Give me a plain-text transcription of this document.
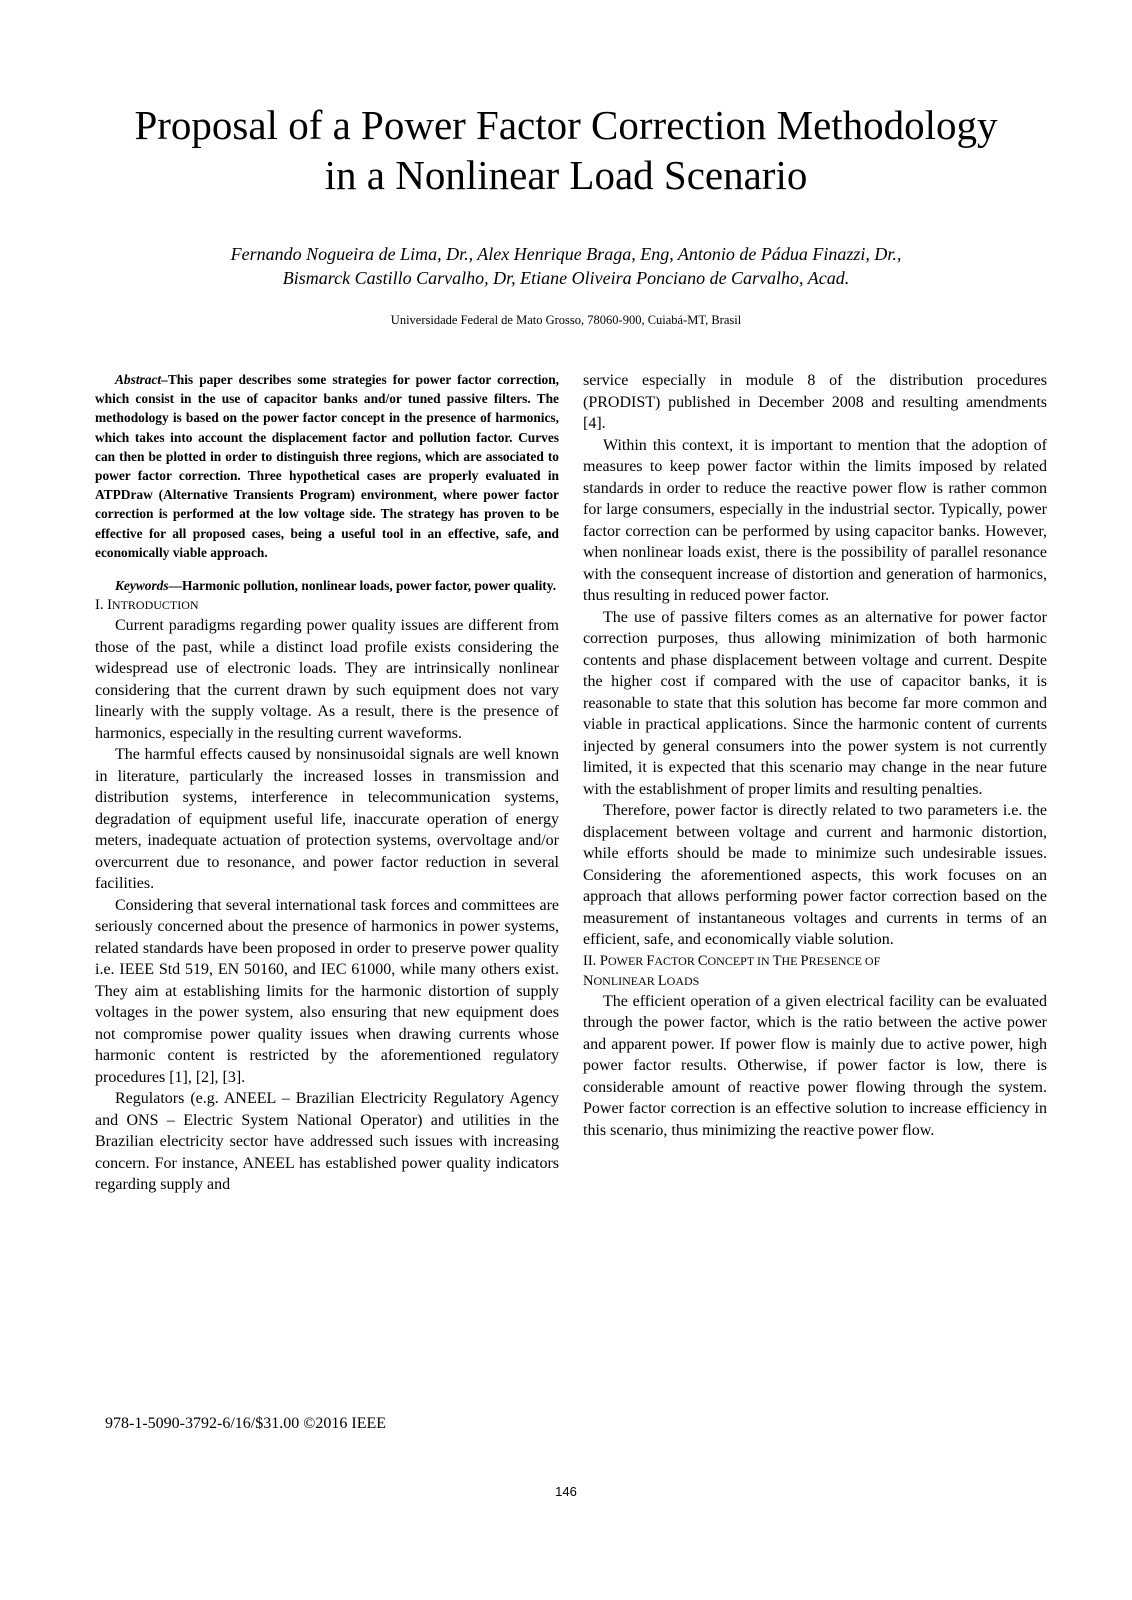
Proposal of a Power Factor Correction Methodology
in a Nonlinear Load Scenario

Fernando Nogueira de Lima, Dr., Alex Henrique Braga, Eng, Antonio de Pádua Finazzi, Dr.,
Bismarck Castillo Carvalho, Dr, Etiane Oliveira Ponciano de Carvalho, Acad.

Universidade Federal de Mato Grosso, 78060-900, Cuiabá-MT, Brasil

Abstract–This paper describes some strategies for power factor correction, which consist in the use of capacitor banks and/or tuned passive filters. The methodology is based on the power factor concept in the presence of harmonics, which takes into account the displacement factor and pollution factor. Curves can then be plotted in order to distinguish three regions, which are associated to power factor correction. Three hypothetical cases are properly evaluated in ATPDraw (Alternative Transients Program) environment, where power factor correction is performed at the low voltage side. The strategy has proven to be effective for all proposed cases, being a useful tool in an effective, safe, and economically viable approach.

Keywords—Harmonic pollution, nonlinear loads, power factor, power quality.

I. INTRODUCTION

Current paradigms regarding power quality issues are different from those of the past, while a distinct load profile exists considering the widespread use of electronic loads. They are intrinsically nonlinear considering that the current drawn by such equipment does not vary linearly with the supply voltage. As a result, there is the presence of harmonics, especially in the resulting current waveforms.

The harmful effects caused by nonsinusoidal signals are well known in literature, particularly the increased losses in transmission and distribution systems, interference in telecommunication systems, degradation of equipment useful life, inaccurate operation of energy meters, inadequate actuation of protection systems, overvoltage and/or overcurrent due to resonance, and power factor reduction in several facilities.

Considering that several international task forces and committees are seriously concerned about the presence of harmonics in power systems, related standards have been proposed in order to preserve power quality i.e. IEEE Std 519, EN 50160, and IEC 61000, while many others exist. They aim at establishing limits for the harmonic distortion of supply voltages in the power system, also ensuring that new equipment does not compromise power quality issues when drawing currents whose harmonic content is restricted by the aforementioned regulatory procedures [1], [2], [3].

Regulators (e.g. ANEEL – Brazilian Electricity Regulatory Agency and ONS – Electric System National Operator) and utilities in the Brazilian electricity sector have addressed such issues with increasing concern. For instance, ANEEL has established power quality indicators regarding supply and

service especially in module 8 of the distribution procedures (PRODIST) published in December 2008 and resulting amendments [4].

Within this context, it is important to mention that the adoption of measures to keep power factor within the limits imposed by related standards in order to reduce the reactive power flow is rather common for large consumers, especially in the industrial sector. Typically, power factor correction can be performed by using capacitor banks. However, when nonlinear loads exist, there is the possibility of parallel resonance with the consequent increase of distortion and generation of harmonics, thus resulting in reduced power factor.

The use of passive filters comes as an alternative for power factor correction purposes, thus allowing minimization of both harmonic contents and phase displacement between voltage and current. Despite the higher cost if compared with the use of capacitor banks, it is reasonable to state that this solution has become far more common and viable in practical applications. Since the harmonic content of currents injected by general consumers into the power system is not currently limited, it is expected that this scenario may change in the near future with the establishment of proper limits and resulting penalties.

Therefore, power factor is directly related to two parameters i.e. the displacement between voltage and current and harmonic distortion, while efforts should be made to minimize such undesirable issues. Considering the aforementioned aspects, this work focuses on an approach that allows performing power factor correction based on the measurement of instantaneous voltages and currents in terms of an efficient, safe, and economically viable solution.

II. POWER FACTOR CONCEPT IN THE PRESENCE OF
NONLINEAR LOADS

The efficient operation of a given electrical facility can be evaluated through the power factor, which is the ratio between the active power and apparent power. If power flow is mainly due to active power, high power factor results. Otherwise, if power factor is low, there is considerable amount of reactive power flowing through the system. Power factor correction is an effective solution to increase efficiency in this scenario, thus minimizing the reactive power flow.

978-1-5090-3792-6/16/$31.00 ©2016 IEEE

146
